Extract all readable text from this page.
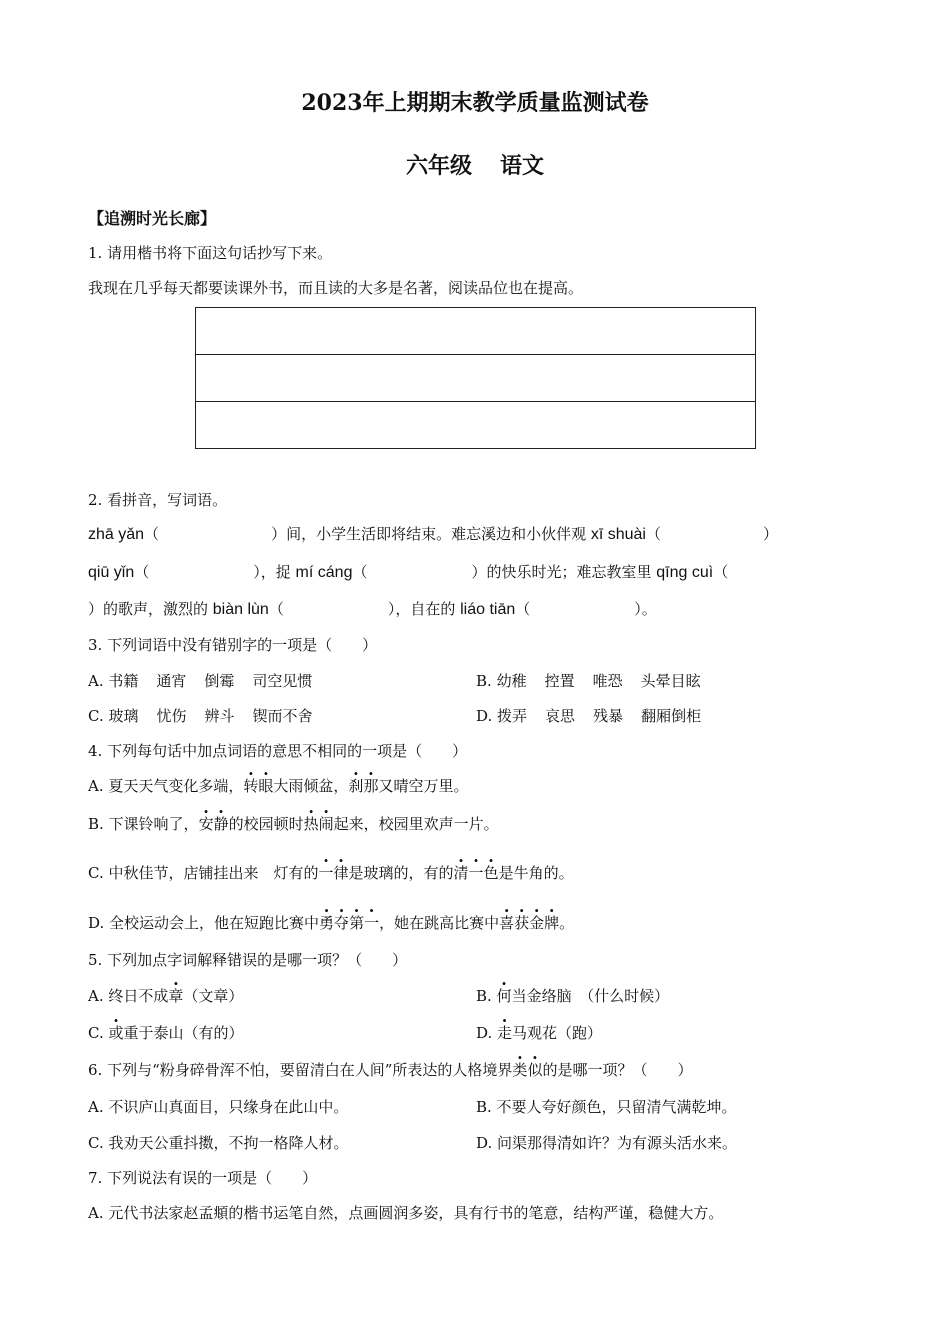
2023年上期期末教学质量监测试卷
六年级 语文
【追溯时光长廊】
1. 请用楷书将下面这句话抄写下来。
我现在几乎每天都要读课外书，而且读的大多是名著，阅读品位也在提高。
2. 看拼音，写词语。
zhā yǎn（	）间，小学生活即将结束。难忘溪边和小伙伴观 xī shuài（	）
qiū yǐn（	），捉 mí cáng（	）的快乐时光；难忘教室里 qīng cuì（
）的歌声，激烈的 biàn lùn（	），自在的 liáo tiān（	）。
3. 下列词语中没有错别字的一项是（　　）
A. 书籍 通宵 倒霉 司空见惯	B. 幼稚 控置 唯恐 头晕目眩
C. 玻璃 忧伤 辨斗 锲而不舍	D. 拨弄 哀思 残暴 翻厢倒柜
4. 下列每句话中加点词语的意思不相同的一项是（　　）
A. 夏天天气变化多端，转眼大雨倾盆，刹那又晴空万里。
B. 下课铃响了，安静的校园顿时热闹起来，校园里欢声一片。
C. 中秋佳节，店铺挂出来　灯有的一律是玻璃的，有的清一色是牛角的。
D. 全校运动会上，他在短跑比赛中勇夺第一，她在跳高比赛中喜获金牌。
5. 下列加点字词解释错误的是哪一项？（　　）
A. 终日不成章（文章）	B. 何当金络脑　（什么时候）
C. 或重于泰山（有的）	D. 走马观花（跑）
6. 下列与“粉身碎骨浑不怕，要留清白在人间”所表达的人格境界类似的是哪一项？（　　）
A. 不识庐山真面目，只缘身在此山中。	B. 不要人夸好颜色，只留清气满乾坤。
C. 我劝天公重抖擞，不拘一格降人材。	D. 问渠那得清如许？为有源头活水来。
7. 下列说法有误的一项是（　　）
A. 元代书法家赵孟頫的楷书运笔自然，点画圆润多姿，具有行书的笔意，结构严谨，稳健大方。
